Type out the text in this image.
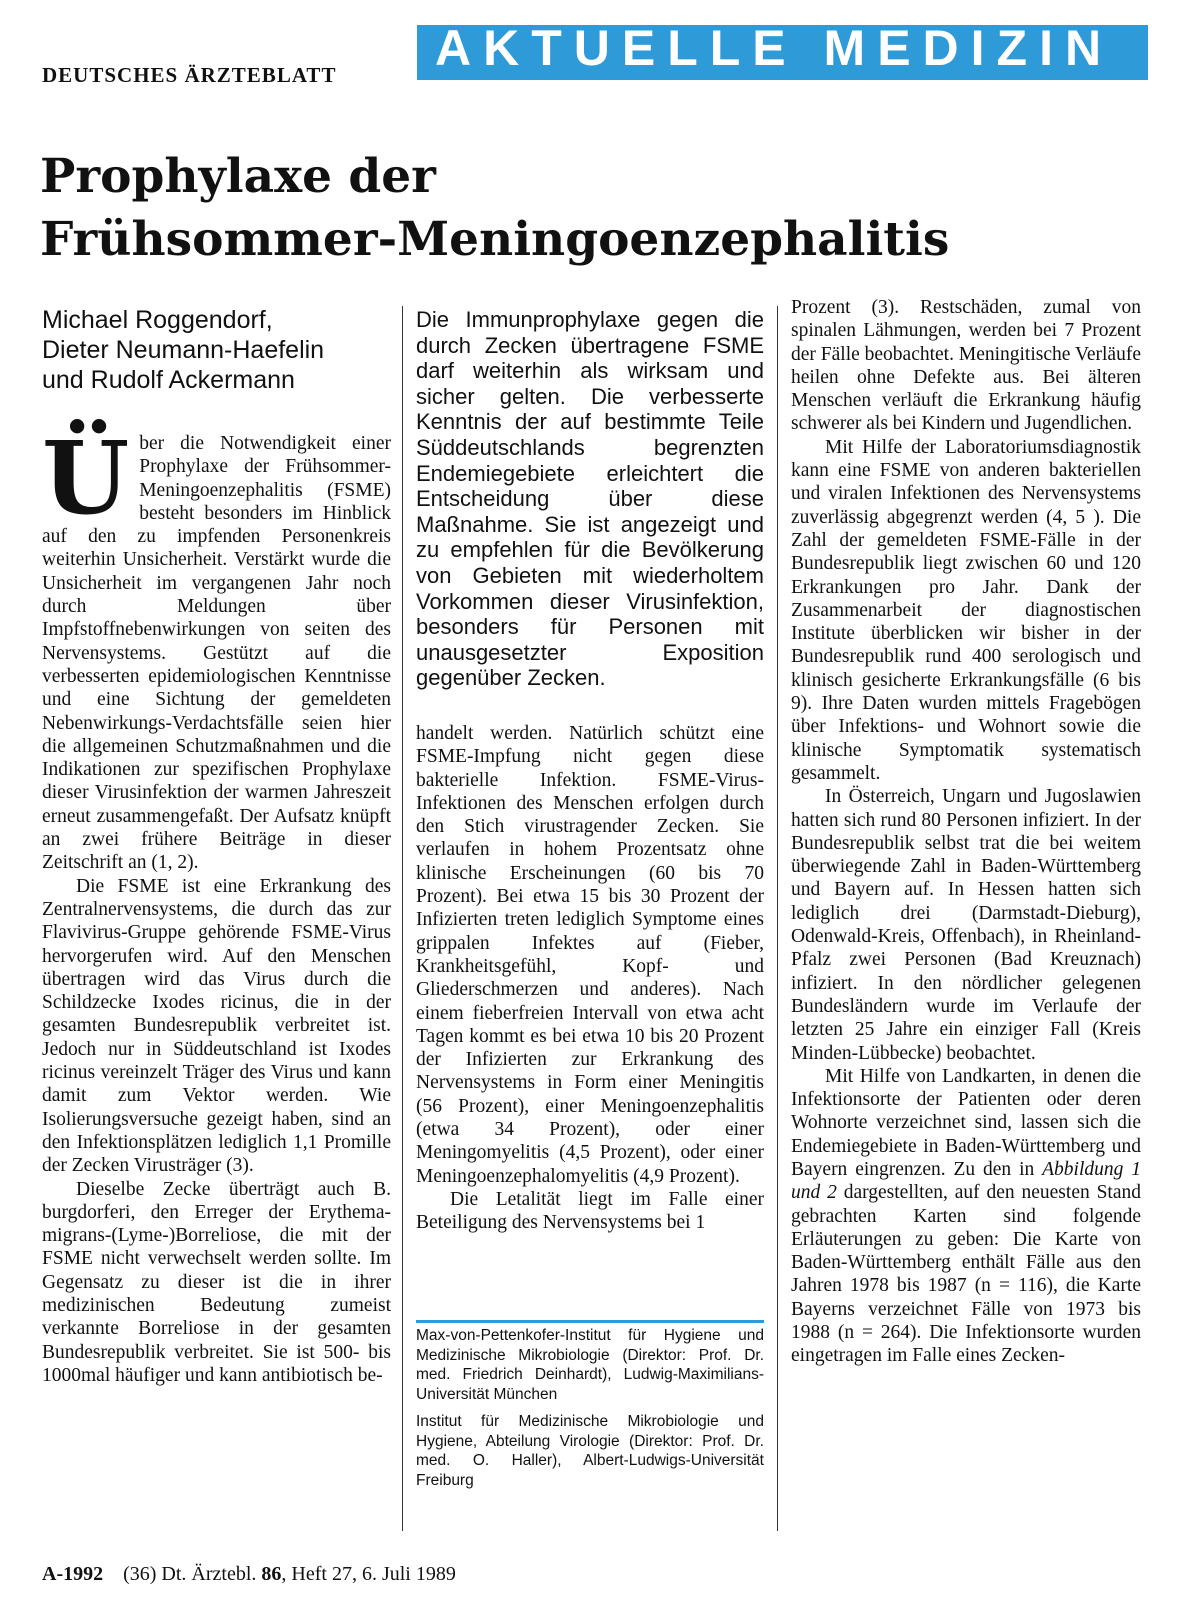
AKTUELLE MEDIZIN
DEUTSCHES ÄRZTEBLATT
Prophylaxe der
Frühsommer-Meningoenzephalitis
Michael Roggendorf,
Dieter Neumann-Haefelin
und Rudolf Ackermann

Über die Notwendigkeit einer Prophylaxe der Frühsommer-Meningoenzephalitis (FSME) besteht besonders im Hinblick auf den zu impfenden Personenkreis weiterhin Unsicherheit. Verstärkt wurde die Unsicherheit im vergangenen Jahr noch durch Meldungen über Impfstoffnebenwirkungen von seiten des Nervensystems. Gestützt auf die verbesserten epidemiologischen Kenntnisse und eine Sichtung der gemeldeten Nebenwirkungs-Verdachtsfälle seien hier die allgemeinen Schutzmaßnahmen und die Indikationen zur spezifischen Prophylaxe dieser Virusinfektion der warmen Jahreszeit erneut zusammengefaßt. Der Aufsatz knüpft an zwei frühere Beiträge in dieser Zeitschrift an (1, 2).

Die FSME ist eine Erkrankung des Zentralnervensystems, die durch das zur Flavivirus-Gruppe gehörende FSME-Virus hervorgerufen wird. Auf den Menschen übertragen wird das Virus durch die Schildzecke Ixodes ricinus, die in der gesamten Bundesrepublik verbreitet ist. Jedoch nur in Süddeutschland ist Ixodes ricinus vereinzelt Träger des Virus und kann damit zum Vektor werden. Wie Isolierungsversuche gezeigt haben, sind an den Infektionsplätzen lediglich 1,1 Promille der Zecken Virusträger (3).

Dieselbe Zecke überträgt auch B. burgdorferi, den Erreger der Erythema-migrans-(Lyme-)Borreliose, die mit der FSME nicht verwechselt werden sollte. Im Gegensatz zu dieser ist die in ihrer medizinischen Bedeutung zumeist verkannte Borreliose in der gesamten Bundesrepublik verbreitet. Sie ist 500- bis 1000mal häufiger und kann antibiotisch be-

Die Immunprophylaxe gegen die durch Zecken übertragene FSME darf weiterhin als wirksam und sicher gelten. Die verbesserte Kenntnis der auf bestimmte Teile Süddeutschlands begrenzten Endemiegebiete erleichtert die Entscheidung über diese Maßnahme. Sie ist angezeigt und zu empfehlen für die Bevölkerung von Gebieten mit wiederholtem Vorkommen dieser Virusinfektion, besonders für Personen mit unausgesetzter Exposition gegenüber Zecken.

handelt werden. Natürlich schützt eine FSME-Impfung nicht gegen diese bakterielle Infektion. FSME-Virus-Infektionen des Menschen erfolgen durch den Stich virustragender Zecken. Sie verlaufen in hohem Prozentsatz ohne klinische Erscheinungen (60 bis 70 Prozent). Bei etwa 15 bis 30 Prozent der Infizierten treten lediglich Symptome eines grippalen Infektes auf (Fieber, Krankheitsgefühl, Kopf- und Gliederschmerzen und anderes). Nach einem fieberfreien Intervall von etwa acht Tagen kommt es bei etwa 10 bis 20 Prozent der Infizierten zur Erkrankung des Nervensystems in Form einer Meningitis (56 Prozent), einer Meningoenzephalitis (etwa 34 Prozent), oder einer Meningomyelitis (4,5 Prozent), oder einer Meningoenzephalomyelitis (4,9 Prozent).

Die Letalität liegt im Falle einer Beteiligung des Nervensystems bei 1

Max-von-Pettenkofer-Institut für Hygiene und Medizinische Mikrobiologie (Direktor: Prof. Dr. med. Friedrich Deinhardt), Ludwig-Maximilians-Universität München

Institut für Medizinische Mikrobiologie und Hygiene, Abteilung Virologie (Direktor: Prof. Dr. med. O. Haller), Albert-Ludwigs-Universität Freiburg

Prozent (3). Restschäden, zumal von spinalen Lähmungen, werden bei 7 Prozent der Fälle beobachtet. Meningitische Verläufe heilen ohne Defekte aus. Bei älteren Menschen verläuft die Erkrankung häufig schwerer als bei Kindern und Jugendlichen.

Mit Hilfe der Laboratoriumsdiagnostik kann eine FSME von anderen bakteriellen und viralen Infektionen des Nervensystems zuverlässig abgegrenzt werden (4, 5 ). Die Zahl der gemeldeten FSME-Fälle in der Bundesrepublik liegt zwischen 60 und 120 Erkrankungen pro Jahr. Dank der Zusammenarbeit der diagnostischen Institute überblicken wir bisher in der Bundesrepublik rund 400 serologisch und klinisch gesicherte Erkrankungsfälle (6 bis 9). Ihre Daten wurden mittels Fragebögen über Infektions- und Wohnort sowie die klinische Symptomatik systematisch gesammelt.

In Österreich, Ungarn und Jugoslawien hatten sich rund 80 Personen infiziert. In der Bundesrepublik selbst trat die bei weitem überwiegende Zahl in Baden-Württemberg und Bayern auf. In Hessen hatten sich lediglich drei (Darmstadt-Dieburg), Odenwald-Kreis, Offenbach), in Rheinland-Pfalz zwei Personen (Bad Kreuznach) infiziert. In den nördlicher gelegenen Bundesländern wurde im Verlaufe der letzten 25 Jahre ein einziger Fall (Kreis Minden-Lübbecke) beobachtet.

Mit Hilfe von Landkarten, in denen die Infektionsorte der Patienten oder deren Wohnorte verzeichnet sind, lassen sich die Endemiegebiete in Baden-Württemberg und Bayern eingrenzen. Zu den in Abbildung 1 und 2 dargestellten, auf den neuesten Stand gebrachten Karten sind folgende Erläuterungen zu geben: Die Karte von Baden-Württemberg enthält Fälle aus den Jahren 1978 bis 1987 (n = 116), die Karte Bayerns verzeichnet Fälle von 1973 bis 1988 (n = 264). Die Infektionsorte wurden eingetragen im Falle eines Zecken-

A-1992 (36) Dt. Ärztebl. 86, Heft 27, 6. Juli 1989
